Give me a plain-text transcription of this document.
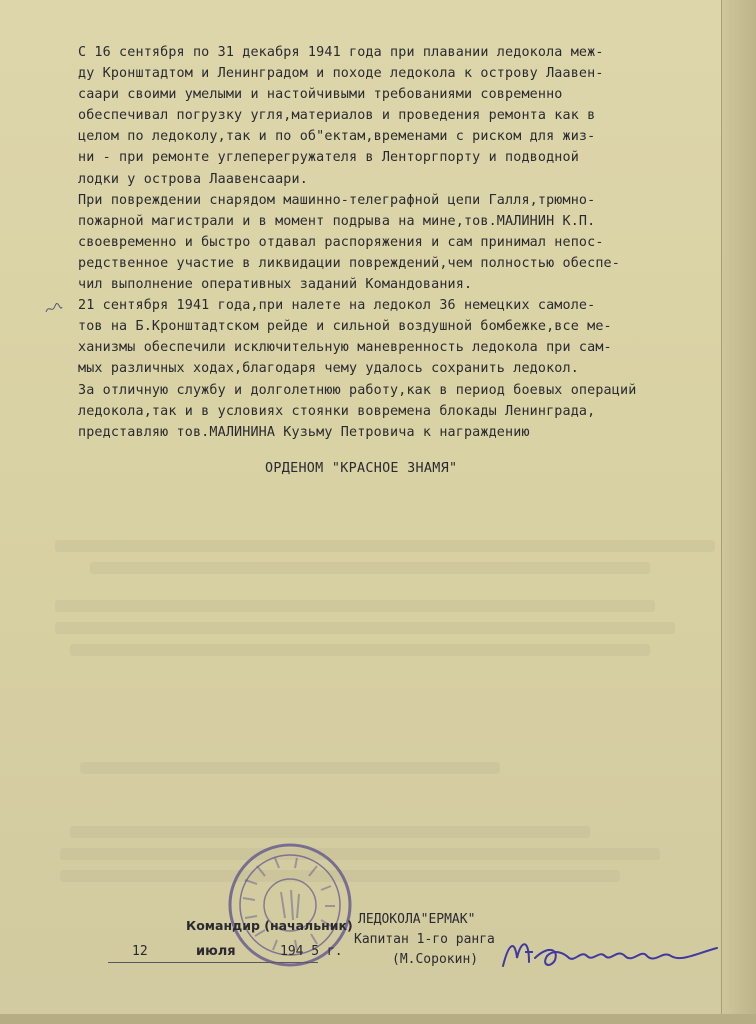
С 16 сентября по 31 декабря 1941 года при плавании ледокола меж-
ду Кронштадтом и Ленинградом и походе ледокола к острову Лаавен-
саари своими умелыми и настойчивыми требованиями современно
обеспечивал погрузку угля,материалов и проведения ремонта как в
целом по ледоколу,так и по об"ектам,временами с риском для жиз-
ни - при ремонте углеперегружателя в Ленторгпорту и подводной
лодки у острова Лаавенсаари.
При повреждении снарядом машинно-телеграфной цепи Галля,трюмно-
пожарной магистрали и в момент подрыва на мине,тов.МАЛИНИН К.П.
своевременно и быстро отдавал распоряжения и сам принимал непос-
редственное участие в ликвидации повреждений,чем полностью обеспе-
чил выполнение оперативных заданий Командования.
21 сентября 1941 года,при налете на ледокол 36 немецких самоле-
тов на Б.Кронштадтском рейде и сильной воздушной бомбежке,все ме-
ханизмы обеспечили исключительную маневренность ледокола при сам-
мых различных ходах,благодаря чему удалось сохранить ледокол.
За отличную службу и долголетнюю работу,как в период боевых операций
ледокола,так и в условиях стоянки вовремена блокады Ленинграда,
представляю тов.МАЛИНИНА Кузьму Петровича к награждению
ОРДЕНОМ "КРАСНОЕ ЗНАМЯ"
Командир (начальник) ЛЕДОКОЛА"ЕРМАК"
Капитан 1-го ранга
(М.Сорокин)
12	июля	194 5 г.
